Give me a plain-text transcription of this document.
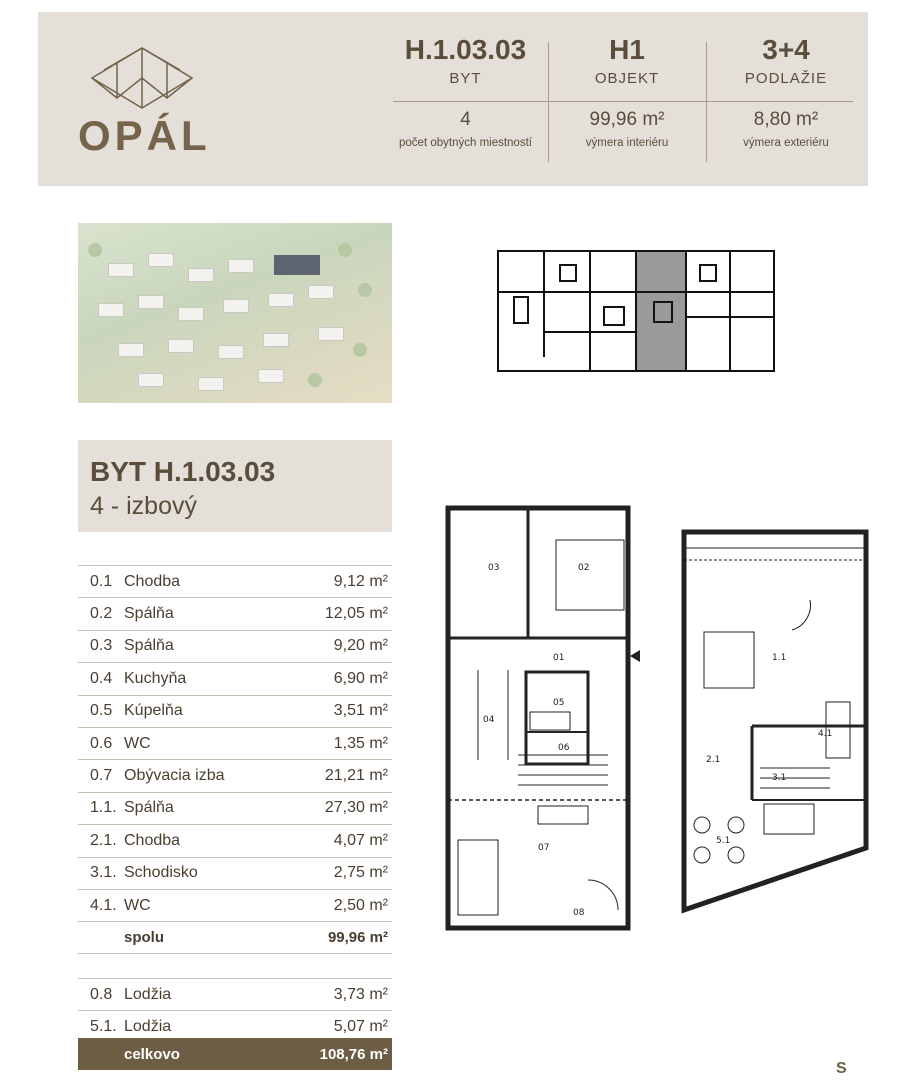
OPÁL
H.1.03.03
BYT
4
počet obytných miestností
H1
OBJEKT
99,96 m²
výmera interiéru
3+4
PODLAŽIE
8,80 m²
výmera exteriéru
BYT H.1.03.03
4 - izbový
0.1 Chodba	9,12 m²
0.2 Spálňa	12,05 m²
0.3 Spálňa	9,20 m²
0.4 Kuchyňa	6,90 m²
0.5 Kúpelňa	3,51 m²
0.6 WC	1,35 m²
0.7 Obývacia izba	21,21 m²
1.1. Spálňa	27,30 m²
2.1. Chodba	4,07 m²
3.1. Schodisko	2,75 m²
4.1. WC	2,50 m²
spolu	99,96 m²
0.8 Lodžia	3,73 m²
5.1. Lodžia	5,07 m²
celkovo	108,76 m²
03	02
01
04
05
06
07
08
1.1
2.1
3.1
4.1
5.1
S
